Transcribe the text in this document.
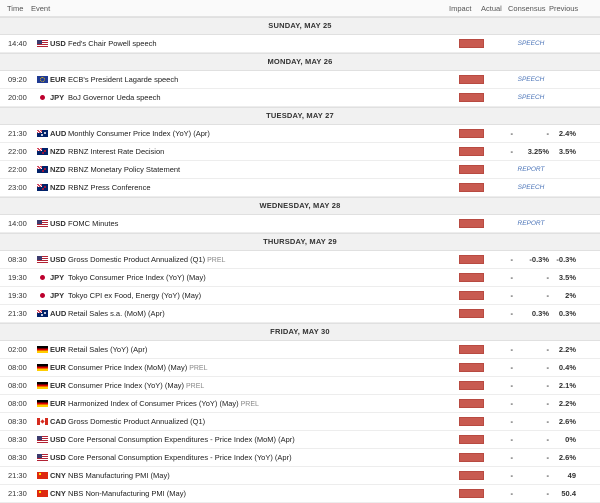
Time	Event	Impact	Actual Consensus Previous
SUNDAY, MAY 25
14:40	USD Fed's Chair Powell speech	SPEECH
MONDAY, MAY 26
09:20	EUR ECB's President Lagarde speech	SPEECH
20:00	JPY BoJ Governor Ueda speech	SPEECH
TUESDAY, MAY 27
21:30	AUD Monthly Consumer Price Index (YoY) (Apr)	-	-	2.4%
22:00	NZD RBNZ Interest Rate Decision	-	3.25%	3.5%
22:00	NZD RBNZ Monetary Policy Statement	REPORT
23:00	NZD RBNZ Press Conference	SPEECH
WEDNESDAY, MAY 28
14:00	USD FOMC Minutes	REPORT
THURSDAY, MAY 29
08:30	USD Gross Domestic Product Annualized (Q1) PREL	-	-0.3% -0.3%
19:30	JPY Tokyo Consumer Price Index (YoY) (May)	-	-	3.5%
19:30	JPY Tokyo CPI ex Food, Energy (YoY) (May)	-	-	2%
21:30	AUD Retail Sales s.a. (MoM) (Apr)	-	0.3%	0.3%
FRIDAY, MAY 30
02:00	EUR Retail Sales (YoY) (Apr)	-	-	2.2%
08:00	EUR Consumer Price Index (MoM) (May) PREL	-	-	0.4%
08:00	EUR Consumer Price Index (YoY) (May) PREL	-	-	2.1%
08:00	EUR Harmonized Index of Consumer Prices (YoY) (May) PREL	-	-	2.2%
08:30	CAD Gross Domestic Product Annualized (Q1)	-	-	2.6%
08:30	USD Core Personal Consumption Expenditures - Price Index (MoM) (Apr)	-	-	0%
08:30	USD Core Personal Consumption Expenditures - Price Index (YoY) (Apr)	-	-	2.6%
21:30	CNY NBS Manufacturing PMI (May)	-	-	49
21:30	CNY NBS Non-Manufacturing PMI (May)	-	-	50.4
